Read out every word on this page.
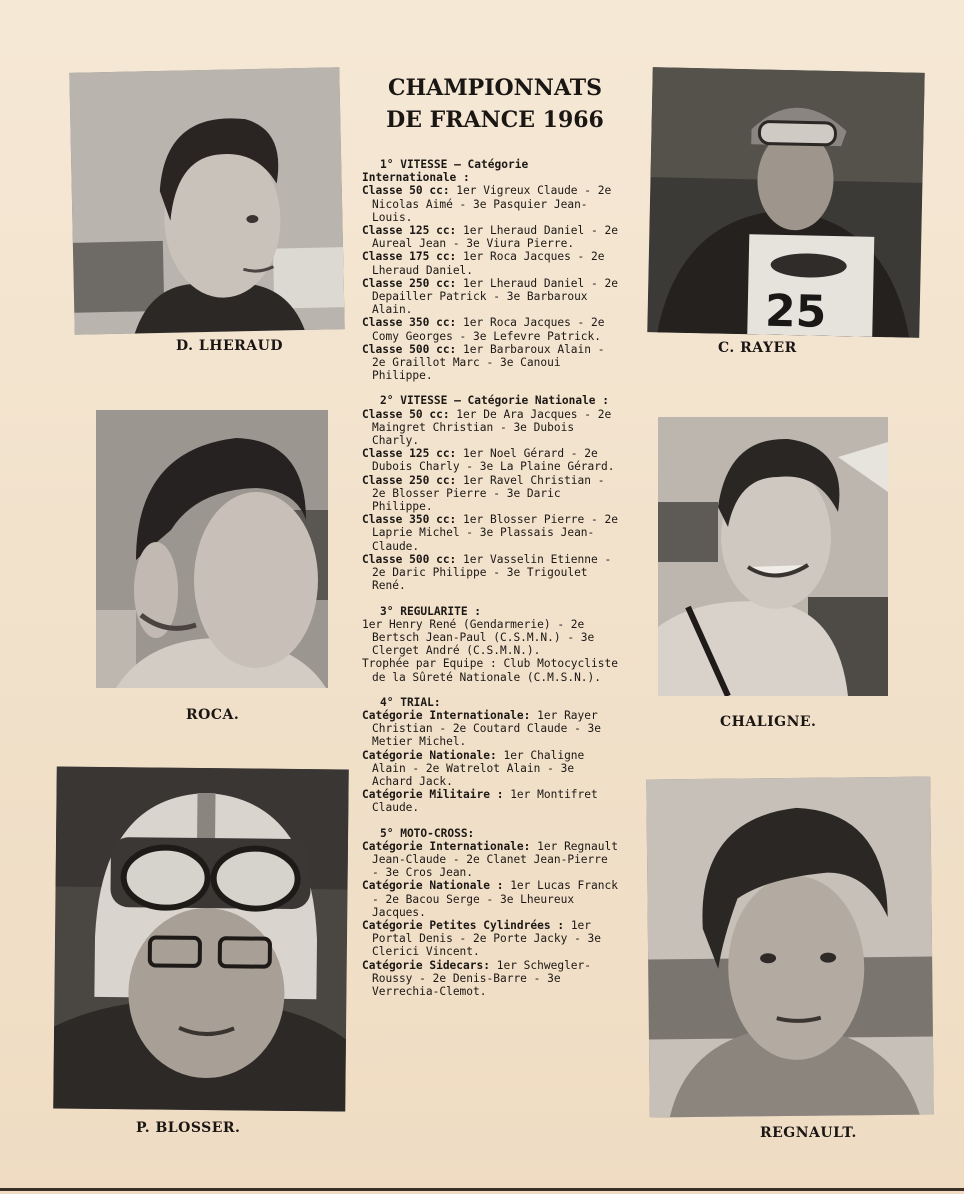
D. LHERAUD
25
C. RAYER
ROCA.	CHALIGNE.
P. BLOSSER.	REGNAULT.
CHAMPIONNATS
DE FRANCE 1966
1° VITESSE — Catégorie Internationale :
Classe 50 cc: 1er Vigreux Claude - 2e Nicolas Aimé - 3e Pasquier Jean-Louis.
Classe 125 cc: 1er Lheraud Daniel - 2e Aureal Jean - 3e Viura Pierre.
Classe 175 cc: 1er Roca Jacques - 2e Lheraud Daniel.
Classe 250 cc: 1er Lheraud Daniel - 2e Depailler Patrick - 3e Barbaroux Alain.
Classe 350 cc: 1er Roca Jacques - 2e Comy Georges - 3e Lefevre Patrick.
Classe 500 cc: 1er Barbaroux Alain - 2e Graillot Marc - 3e Canoui Philippe.
2° VITESSE — Catégorie Nationale :
Classe 50 cc: 1er De Ara Jacques - 2e Maingret Christian - 3e Dubois Charly.
Classe 125 cc: 1er Noel Gérard - 2e Dubois Charly - 3e La Plaine Gérard.
Classe 250 cc: 1er Ravel Christian - 2e Blosser Pierre - 3e Daric Philippe.
Classe 350 cc: 1er Blosser Pierre - 2e Laprie Michel - 3e Plassais Jean-Claude.
Classe 500 cc: 1er Vasselin Etienne - 2e Daric Philippe - 3e Trigoulet René.
3° REGULARITE :
1er Henry René (Gendarmerie) - 2e Bertsch Jean-Paul (C.S.M.N.) - 3e Clerget André (C.S.M.N.).
Trophée par Equipe : Club Motocycliste de la Sûreté Nationale (C.M.S.N.).
4° TRIAL:
Catégorie Internationale: 1er Rayer Christian - 2e Coutard Claude - 3e Metier Michel.
Catégorie Nationale: 1er Chaligne Alain - 2e Watrelot Alain - 3e Achard Jack.
Catégorie Militaire : 1er Montifret Claude.
5° MOTO-CROSS:
Catégorie Internationale: 1er Regnault Jean-Claude - 2e Clanet Jean-Pierre - 3e Cros Jean.
Catégorie Nationale : 1er Lucas Franck - 2e Bacou Serge - 3e Lheureux Jacques.
Catégorie Petites Cylindrées : 1er Portal Denis - 2e Porte Jacky - 3e Clerici Vincent.
Catégorie Sidecars: 1er Schwegler-Roussy - 2e Denis-Barre - 3e Verrechia-Clemot.
